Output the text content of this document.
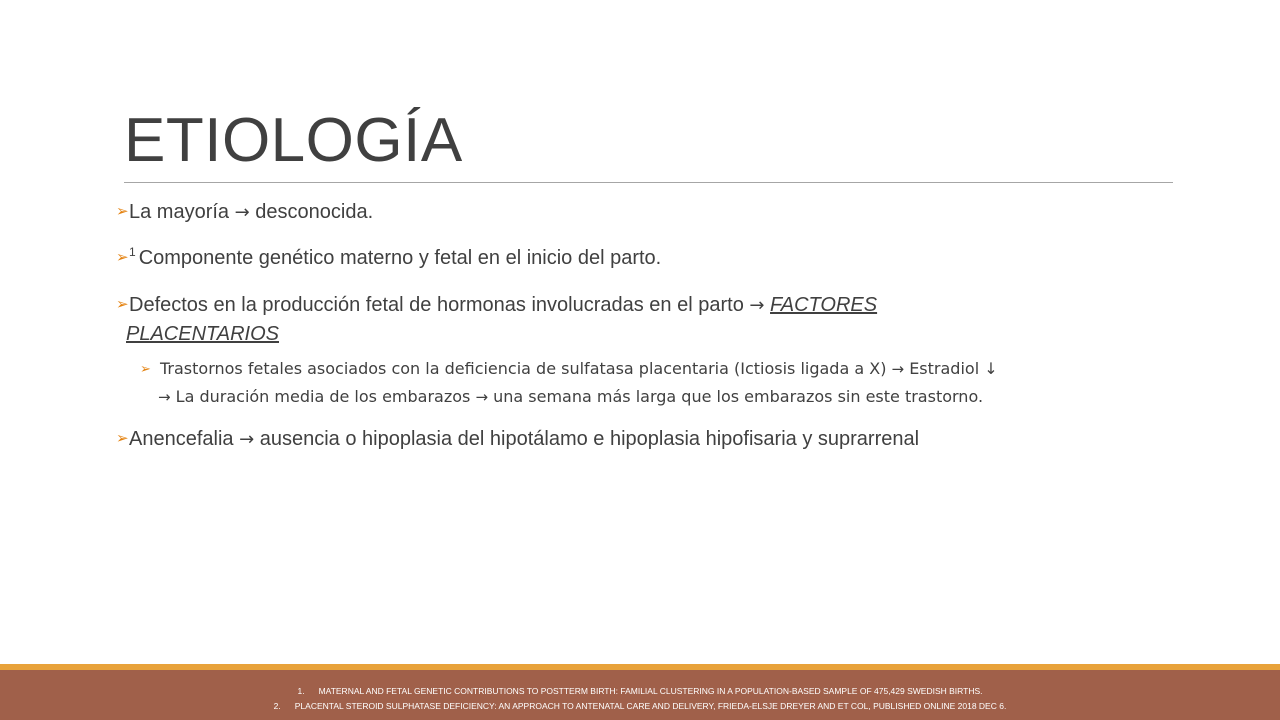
ETIOLOGÍA
➢ La mayoría → desconocida.
➢ $^1$ Componente genético materno y fetal en el inicio del parto.
➢ Defectos en la producción fetal de hormonas involucradas en el parto → FACTORES
PLACENTARIOS
➢ Trastornos fetales asociados con la deficiencia de sulfatasa placentaria (Ictiosis ligada a X) → Estradiol ↓
→ La duración media de los embarazos → una semana más larga que los embarazos sin este trastorno.
➢ Anencefalia → ausencia o hipoplasia del hipotálamo e hipoplasia hipofisaria y suprarrenal
1. MATERNAL AND FETAL GENETIC CONTRIBUTIONS TO POSTTERM BIRTH: FAMILIAL CLUSTERING IN A POPULATION-BASED SAMPLE OF 475,429 SWEDISH BIRTHS.
2. PLACENTAL STEROID SULPHATASE DEFICIENCY: AN APPROACH TO ANTENATAL CARE AND DELIVERY, FRIEDA-ELSJE DREYER AND ET COL, PUBLISHED ONLINE 2018 DEC 6.
